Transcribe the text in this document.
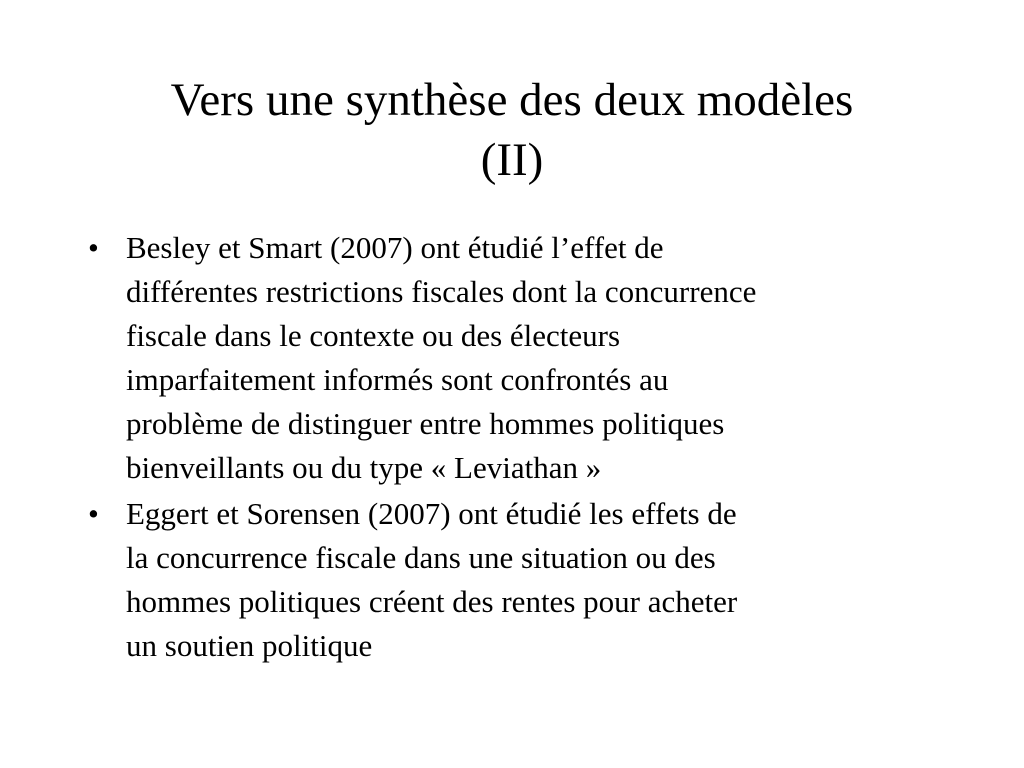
Vers une synthèse des deux modèles
(II)
• Besley et Smart (2007) ont étudié l’effet de
différentes restrictions fiscales dont la concurrence
fiscale dans le contexte ou des électeurs
imparfaitement informés sont confrontés au
problème de distinguer entre hommes politiques
bienveillants ou du type « Leviathan »
• Eggert et Sorensen (2007) ont étudié les effets de
la concurrence fiscale dans une situation ou des
hommes politiques créent des rentes pour acheter
un soutien politique
